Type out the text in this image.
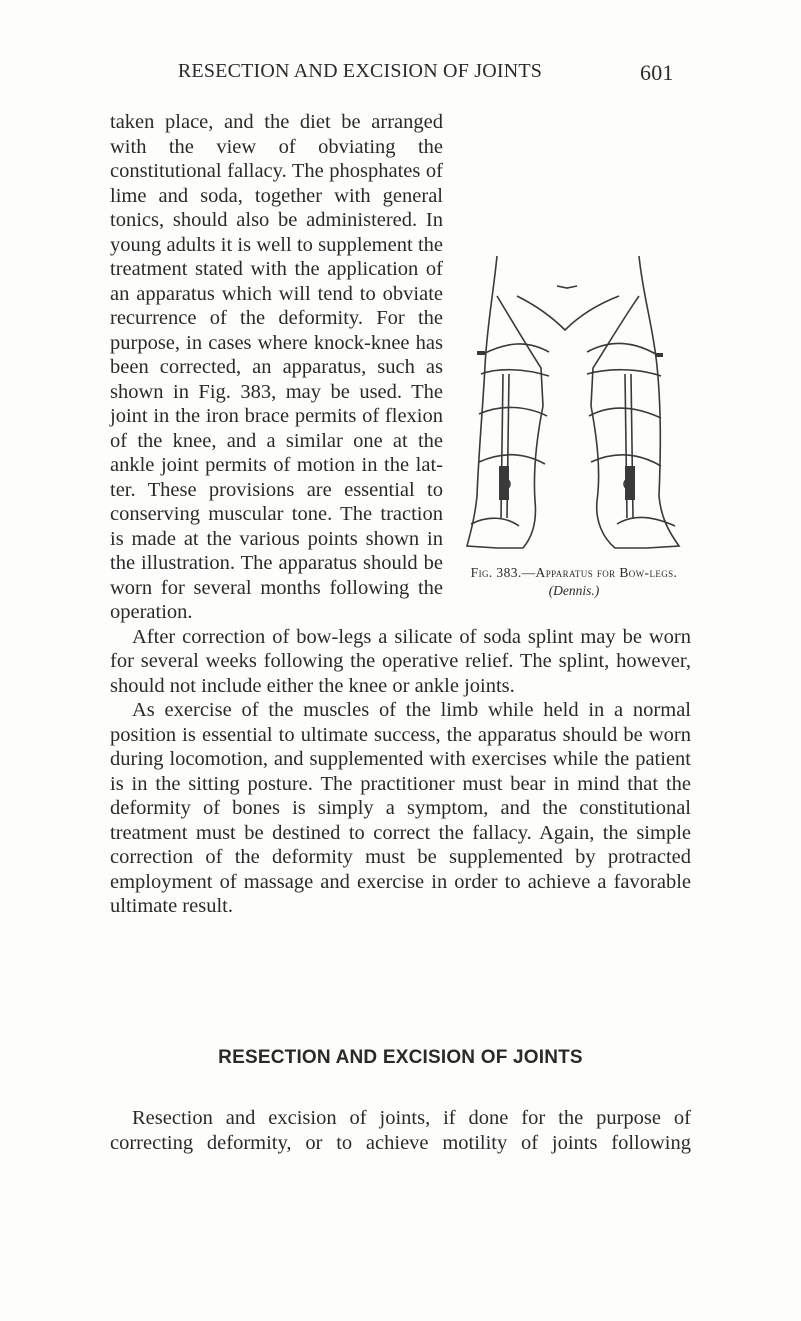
RESECTION AND EXCISION OF JOINTS	601

Fig. 383.—Apparatus for Bow-legs. (Dennis.)

taken place, and the diet be arranged with the view of obviating the constitutional fallacy. The phosphates of lime and soda, together with general tonics, should also be administered. In young adults it is well to supplement the treatment stated with the application of an apparatus which will tend to obviate recurrence of the deformity. For the purpose, in cases where knock-knee has been corrected, an apparatus, such as shown in Fig. 383, may be used. The joint in the iron brace permits of flexion of the knee, and a similar one at the ankle joint permits of motion in the latter. These provisions are essential to conserving muscular tone. The traction is made at the various points shown in the illustration. The apparatus should be worn for several months following the operation.

After correction of bow-legs a silicate of soda splint may be worn for several weeks following the operative relief. The splint, however, should not include either the knee or ankle joints.

As exercise of the muscles of the limb while held in a normal position is essential to ultimate success, the apparatus should be worn during locomotion, and supplemented with exercises while the patient is in the sitting posture. The practitioner must bear in mind that the deformity of bones is simply a symptom, and the constitutional treatment must be destined to correct the fallacy. Again, the simple correction of the deformity must be supplemented by protracted employment of massage and exercise in order to achieve a favorable ultimate result.

RESECTION AND EXCISION OF JOINTS

Resection and excision of joints, if done for the purpose of correcting deformity, or to achieve motility of joints following
